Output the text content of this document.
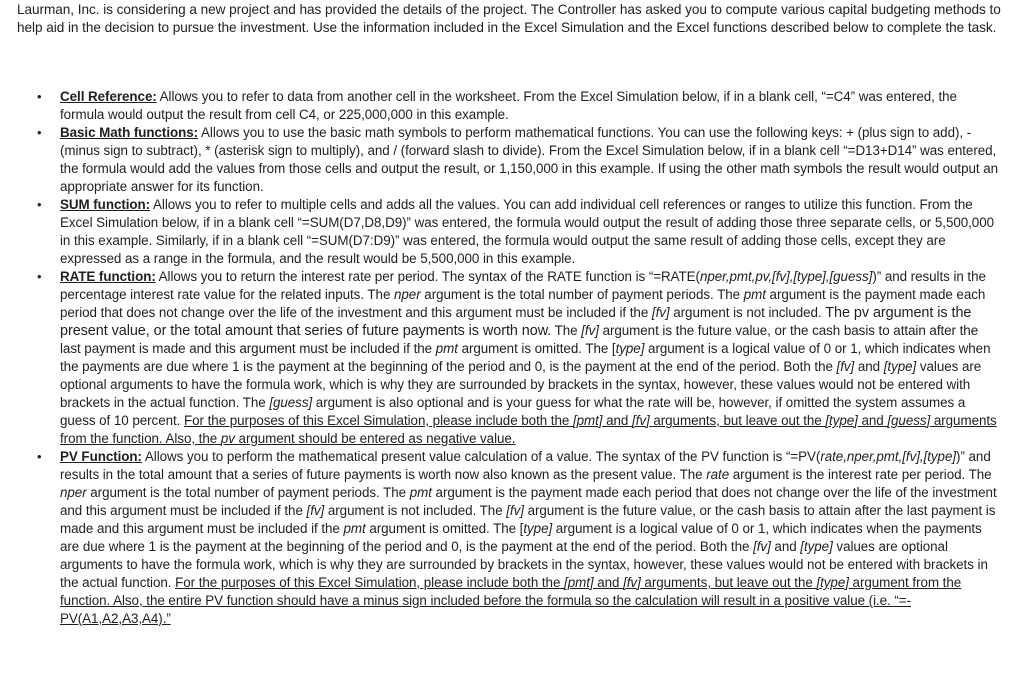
Laurman, Inc. is considering a new project and has provided the details of the project. The Controller has asked you to compute various capital budgeting methods to help aid in the decision to pursue the investment. Use the information included in the Excel Simulation and the Excel functions described below to complete the task.

• Cell Reference: Allows you to refer to data from another cell in the worksheet. From the Excel Simulation below, if in a blank cell, “=C4” was entered, the formula would output the result from cell C4, or 225,000,000 in this example.
• Basic Math functions: Allows you to use the basic math symbols to perform mathematical functions. You can use the following keys: + (plus sign to add), - (minus sign to subtract), * (asterisk sign to multiply), and / (forward slash to divide). From the Excel Simulation below, if in a blank cell “=D13+D14” was entered, the formula would add the values from those cells and output the result, or 1,150,000 in this example. If using the other math symbols the result would output an appropriate answer for its function.
• SUM function: Allows you to refer to multiple cells and adds all the values. You can add individual cell references or ranges to utilize this function. From the Excel Simulation below, if in a blank cell “=SUM(D7,D8,D9)” was entered, the formula would output the result of adding those three separate cells, or 5,500,000 in this example. Similarly, if in a blank cell “=SUM(D7:D9)” was entered, the formula would output the same result of adding those cells, except they are expressed as a range in the formula, and the result would be 5,500,000 in this example.
• RATE function: Allows you to return the interest rate per period. The syntax of the RATE function is “=RATE(nper,pmt,pv,[fv],[type],[guess])” and results in the percentage interest rate value for the related inputs. The nper argument is the total number of payment periods. The pmt argument is the payment made each period that does not change over the life of the investment and this argument must be included if the [fv] argument is not included. The pv argument is the present value, or the total amount that series of future payments is worth now. The [fv] argument is the future value, or the cash basis to attain after the last payment is made and this argument must be included if the pmt argument is omitted. The [type] argument is a logical value of 0 or 1, which indicates when the payments are due where 1 is the payment at the beginning of the period and 0, is the payment at the end of the period. Both the [fv] and [type] values are optional arguments to have the formula work, which is why they are surrounded by brackets in the syntax, however, these values would not be entered with brackets in the actual function. The [guess] argument is also optional and is your guess for what the rate will be, however, if omitted the system assumes a guess of 10 percent. For the purposes of this Excel Simulation, please include both the [pmt] and [fv] arguments, but leave out the [type] and [guess] arguments from the function. Also, the pv argument should be entered as negative value.
• PV Function: Allows you to perform the mathematical present value calculation of a value. The syntax of the PV function is “=PV(rate,nper,pmt,[fv],[type])” and results in the total amount that a series of future payments is worth now also known as the present value. The rate argument is the interest rate per period. The nper argument is the total number of payment periods. The pmt argument is the payment made each period that does not change over the life of the investment and this argument must be included if the [fv] argument is not included. The [fv] argument is the future value, or the cash basis to attain after the last payment is made and this argument must be included if the pmt argument is omitted. The [type] argument is a logical value of 0 or 1, which indicates when the payments are due where 1 is the payment at the beginning of the period and 0, is the payment at the end of the period. Both the [fv] and [type] values are optional arguments to have the formula work, which is why they are surrounded by brackets in the syntax, however, these values would not be entered with brackets in the actual function. For the purposes of this Excel Simulation, please include both the [pmt] and [fv] arguments, but leave out the [type] argument from the function. Also, the entire PV function should have a minus sign included before the formula so the calculation will result in a positive value (i.e. “=-PV(A1,A2,A3,A4).”
